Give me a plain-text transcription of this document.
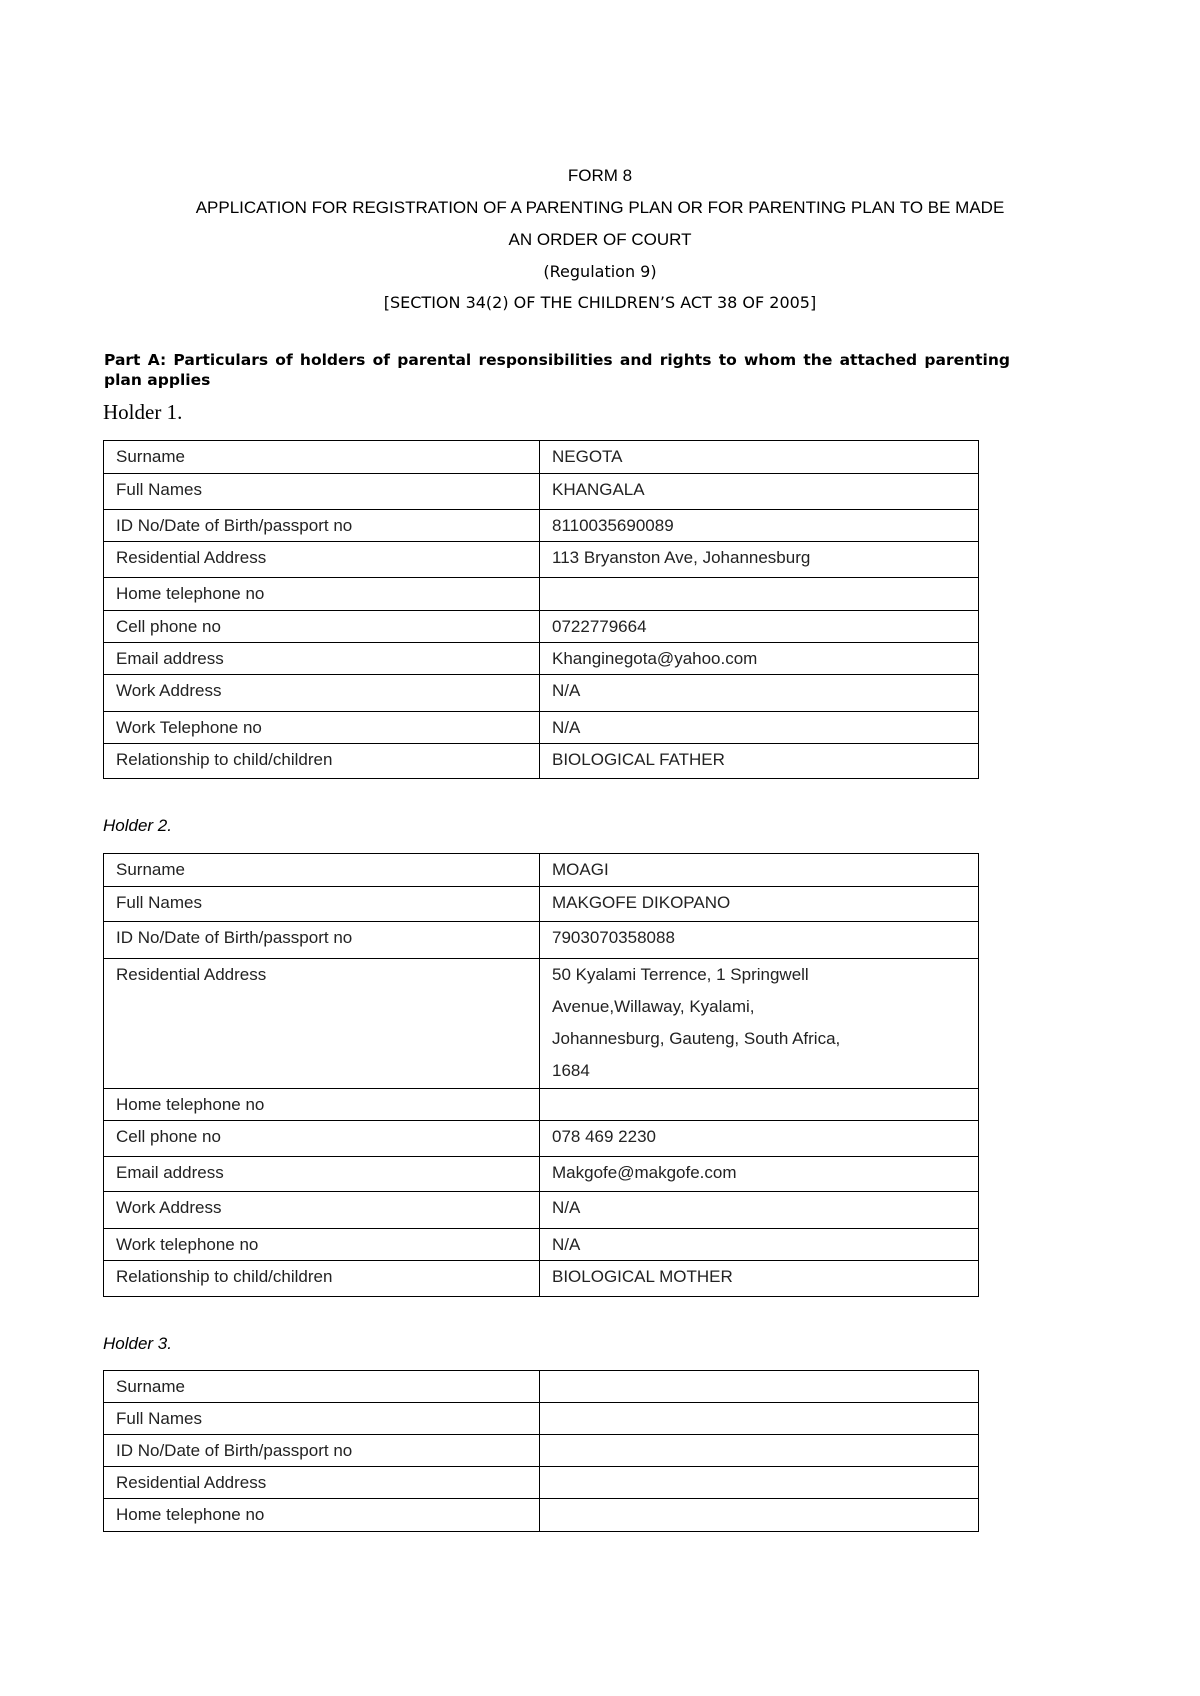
FORM 8
APPLICATION FOR REGISTRATION OF A PARENTING PLAN OR FOR PARENTING PLAN TO BE MADE
AN ORDER OF COURT
(Regulation 9)
[SECTION 34(2) OF THE CHILDREN’S ACT 38 OF 2005]
Part A: Particulars of holders of parental responsibilities and rights to whom the attached parenting plan applies
Holder 1.
Surname	NEGOTA
Full Names	KHANGALA
ID No/Date of Birth/passport no	8110035690089
Residential Address	113 Bryanston Ave, Johannesburg
Home telephone no	
Cell phone no	0722779664
Email address	Khanginegota@yahoo.com
Work Address	N/A
Work Telephone no	N/A
Relationship to child/children	BIOLOGICAL FATHER
Holder 2.
Surname	MOAGI
Full Names	MAKGOFE DIKOPANO
ID No/Date of Birth/passport no	7903070358088
Residential Address	50 Kyalami Terrence, 1 Springwell
Avenue,Willaway, Kyalami,
Johannesburg, Gauteng, South Africa,
1684

Home telephone no	
Cell phone no	078 469 2230
Email address	Makgofe@makgofe.com
Work Address	N/A
Work telephone no	N/A
Relationship to child/children	BIOLOGICAL MOTHER
Holder 3.
Surname	
Full Names	
ID No/Date of Birth/passport no	
Residential Address	
Home telephone no	
